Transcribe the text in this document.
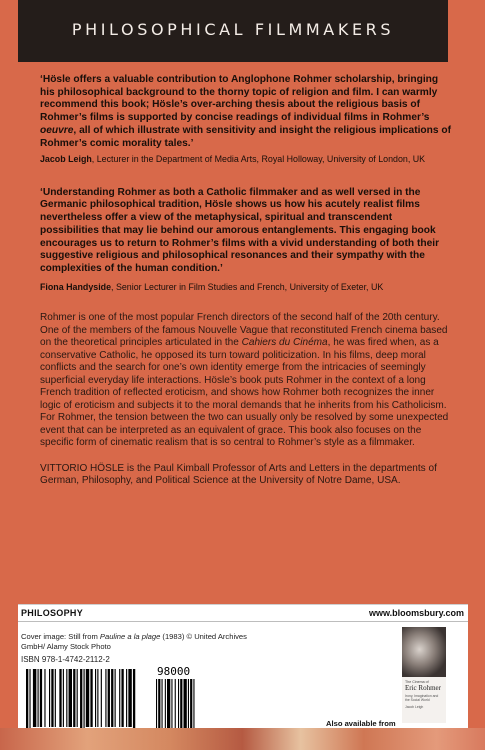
PHILOSOPHICAL FILMMAKERS
‘Hösle offers a valuable contribution to Anglophone Rohmer scholarship, bringing his philosophical background to the thorny topic of religion and film. I can warmly recommend this book; Hösle’s over-arching thesis about the religious basis of Rohmer’s films is supported by concise readings of individual films in Rohmer’s oeuvre, all of which illustrate with sensitivity and insight the religious implications of Rohmer’s comic morality tales.’
Jacob Leigh, Lecturer in the Department of Media Arts, Royal Holloway, University of London, UK
‘Understanding Rohmer as both a Catholic filmmaker and as well versed in the Germanic philosophical tradition, Hösle shows us how his acutely realist films nevertheless offer a view of the metaphysical, spiritual and transcendent possibilities that may lie behind our amorous entanglements. This engaging book encourages us to return to Rohmer’s films with a vivid understanding of both their suggestive religious and philosophical resonances and their sympathy with the complexities of the human condition.’
Fiona Handyside, Senior Lecturer in Film Studies and French, University of Exeter, UK
Rohmer is one of the most popular French directors of the second half of the 20th century. One of the members of the famous Nouvelle Vague that reconstituted French cinema based on the theoretical principles articulated in the Cahiers du Cinéma, he was fired when, as a conservative Catholic, he opposed its turn toward politicization. In his films, deep moral conflicts and the search for one’s own identity emerge from the intricacies of seemingly superficial everyday life interactions. Hösle’s book puts Rohmer in the context of a long French tradition of reflected eroticism, and shows how Rohmer both recognizes the inner logic of eroticism and subjects it to the moral demands that he inherits from his Catholicism. For Rohmer, the tension between the two can usually only be resolved by some unexpected event that can be interpreted as an equivalent of grace. This book also focuses on the specific form of cinematic realism that is so central to Rohmer’s style as a filmmaker.
VITTORIO HÖSLE is the Paul Kimball Professor of Arts and Letters in the departments of German, Philosophy, and Political Science at the University of Notre Dame, USA.
PHILOSOPHY	www.bloomsbury.com
Cover image: Still from Pauline a la plage (1983) © United Archives GmbH/ Alamy Stock Photo
ISBN 978-1-4742-2112-2
98000
Also available from
The Cinema of
Eric Rohmer
Irony, Imagination and the Social World
Jacob Leigh
